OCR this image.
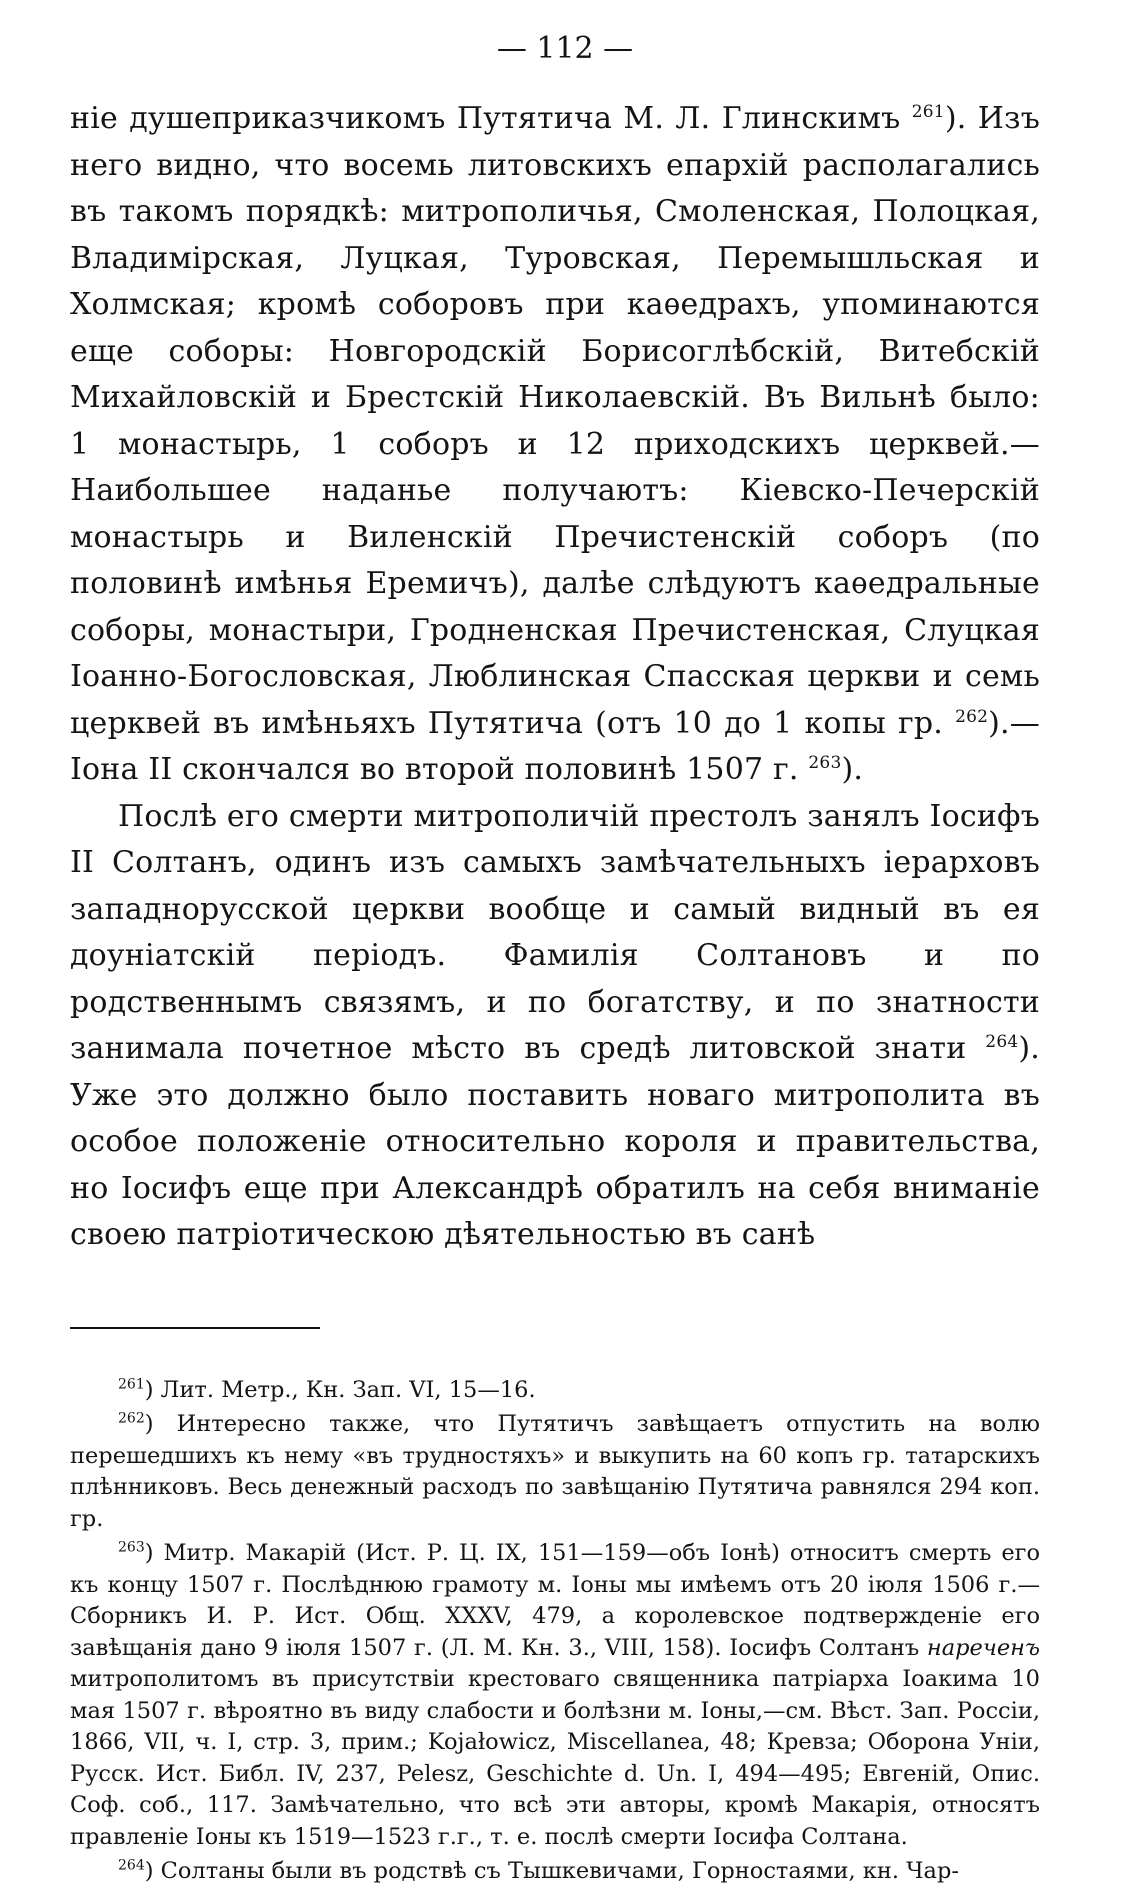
— 112 —

ніе душеприказчикомъ Путятича М. Л. Глинскимъ $^{261}$). Изъ него видно, что восемь литовскихъ епархій располагались въ такомъ порядкѣ: митрополичья, Смоленская, Полоцкая, Владимірская, Луцкая, Туровская, Перемышльская и Холмская; кромѣ соборовъ при каѳедрахъ, упоминаются еще соборы: Новгородскій Борисоглѣбскій, Витебскій Михайловскій и Брестскій Николаевскій. Въ Вильнѣ было: 1 монастырь, 1 соборъ и 12 приходскихъ церквей.—Наибольшее наданье получаютъ: Кіевско-Печерскій монастырь и Виленскій Пречистенскій соборъ (по половинѣ имѣнья Еремичъ), далѣе слѣдуютъ каѳедральные соборы, монастыри, Гродненская Пречистенская, Слуцкая Іоанно-Богословская, Люблинская Спасская церкви и семь церквей въ имѣньяхъ Путятича (отъ 10 до 1 копы гр. $^{262}$).—Іона II скончался во второй половинѣ 1507 г. $^{263}$).

Послѣ его смерти митрополичій престолъ занялъ Іосифъ II Солтанъ, одинъ изъ самыхъ замѣчательныхъ іерарховъ западнорусской церкви вообще и самый видный въ ея доуніатскій періодъ. Фамилія Солтановъ и по родственнымъ связямъ, и по богатству, и по знатности занимала почетное мѣсто въ средѣ литовской знати $^{264}$). Уже это должно было поставить новаго митрополита въ особое положеніе относительно короля и правительства, но Іосифъ еще при Александрѣ обратилъ на себя вниманіе своею патріотическою дѣятельностью въ санѣ

$^{261}$) Лит. Метр., Кн. Зап. VI, 15—16.

$^{262}$) Интересно также, что Путятичъ завѣщаетъ отпустить на волю перешедшихъ къ нему «въ трудностяхъ» и выкупить на 60 копъ гр. татарскихъ плѣнниковъ. Весь денежный расходъ по завѣщанію Путятича равнялся 294 коп. гр.

$^{263}$) Митр. Макарій (Ист. Р. Ц. IX, 151—159—объ Іонѣ) относитъ смерть его къ концу 1507 г. Послѣднюю грамоту м. Іоны мы имѣемъ отъ 20 іюля 1506 г.—Сборникъ И. Р. Ист. Общ. XXXV, 479, а королевское подтвержденіе его завѣщанія дано 9 іюля 1507 г. (Л. М. Кн. 3., VIII, 158). Іосифъ Солтанъ нареченъ митрополитомъ въ присутствіи крестоваго священника патріарха Іоакима 10 мая 1507 г. вѣроятно въ виду слабости и болѣзни м. Іоны,—см. Вѣст. Зап. Россіи, 1866, VII, ч. I, стр. 3, прим.; Kojałowicz, Miscellanea, 48; Кревза; Оборона Уніи, Русск. Ист. Библ. IV, 237, Pelesz, Geschichte d. Un. I, 494—495; Евгеній, Опис. Соф. соб., 117. Замѣчательно, что всѣ эти авторы, кромѣ Макарія, относятъ правленіе Іоны къ 1519—1523 г.г., т. е. послѣ смерти Іосифа Солтана.

$^{264}$) Солтаны были въ родствѣ съ Тышкевичами, Горностаями, кн. Чар-
